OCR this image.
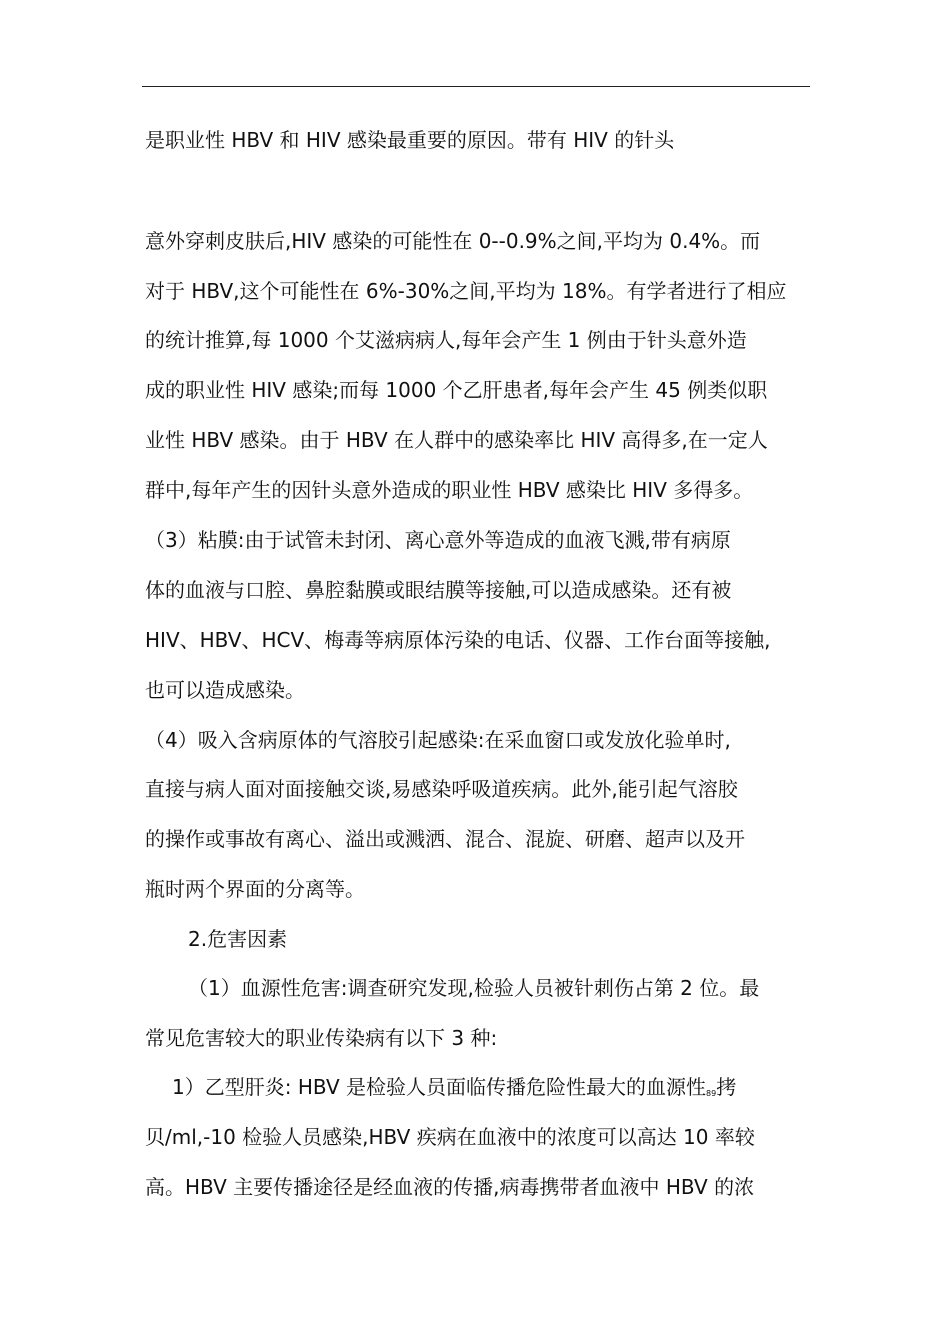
是职业性 HBV 和 HIV 感染最重要的原因。带有 HIV 的针头
意外穿刺皮肤后,HIV 感染的可能性在 0--0.9%之间,平均为 0.4%。而
对于 HBV,这个可能性在 6%-30%之间,平均为 18%。有学者进行了相应
的统计推算,每 1000 个艾滋病病人,每年会产生 1 例由于针头意外造
成的职业性 HIV 感染;而每 1000 个乙肝患者,每年会产生 45 例类似职
业性 HBV 感染。由于 HBV 在人群中的感染率比 HIV 高得多,在一定人
群中,每年产生的因针头意外造成的职业性 HBV 感染比 HIV 多得多。
（3）粘膜:由于试管未封闭、离心意外等造成的血液飞溅,带有病原
体的血液与口腔、鼻腔黏膜或眼结膜等接触,可以造成感染。还有被
HIV、HBV、HCV、梅毒等病原体污染的电话、仪器、工作台面等接触,
也可以造成感染。
（4）吸入含病原体的气溶胶引起感染:在采血窗口或发放化验单时,
直接与病人面对面接触交谈,易感染呼吸道疾病。此外,能引起气溶胶
的操作或事故有离心、溢出或溅洒、混合、混旋、研磨、超声以及开
瓶时两个界面的分离等。
2.危害因素
（1）血源性危害:调查研究发现,检验人员被针刺伤占第 2 位。最
常见危害较大的职业传染病有以下 3 种:
1）乙型肝炎: HBV 是检验人员面临传播危险性最大的血源性$_{89}$拷
贝/ml,-10 检验人员感染,HBV 疾病在血液中的浓度可以高达 10 率较
高。HBV 主要传播途径是经血液的传播,病毒携带者血液中 HBV 的浓
